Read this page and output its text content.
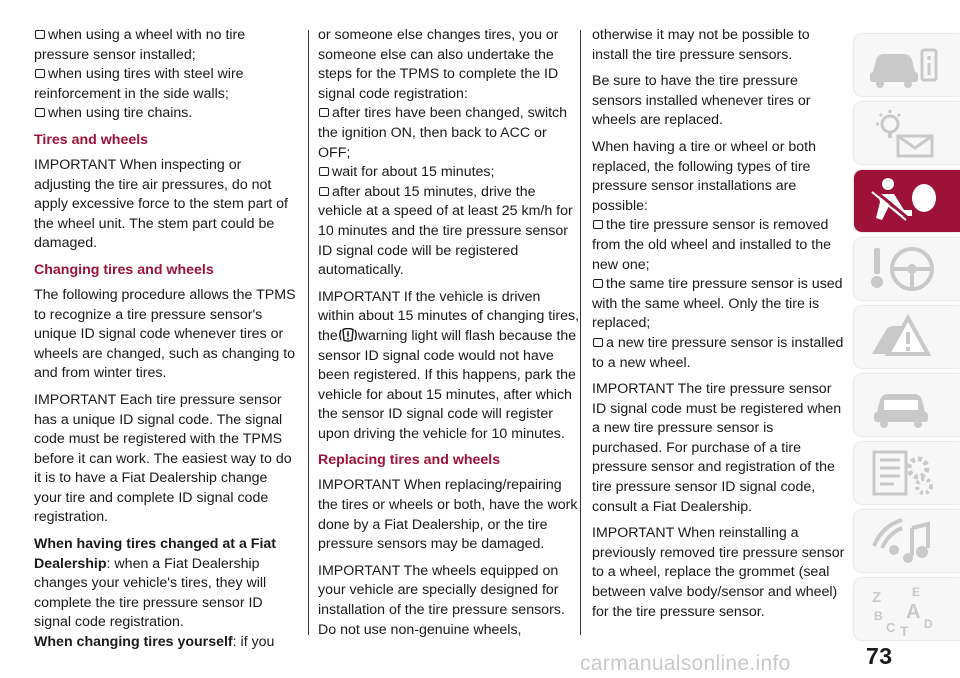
when using a wheel with no tire pressure sensor installed;

when using tires with steel wire reinforcement in the side walls;

when using tire chains.

Tires and wheels

IMPORTANT When inspecting or adjusting the tire air pressures, do not apply excessive force to the stem part of the wheel unit. The stem part could be damaged.

Changing tires and wheels

The following procedure allows the TPMS to recognize a tire pressure sensor's unique ID signal code whenever tires or wheels are changed, such as changing to and from winter tires.

IMPORTANT Each tire pressure sensor has a unique ID signal code. The signal code must be registered with the TPMS before it can work. The easiest way to do it is to have a Fiat Dealership change your tire and complete ID signal code registration.

When having tires changed at a Fiat Dealership: when a Fiat Dealership changes your vehicle's tires, they will complete the tire pressure sensor ID signal code registration.

When changing tires yourself: if you

or someone else changes tires, you or someone else can also undertake the steps for the TPMS to complete the ID signal code registration:

after tires have been changed, switch the ignition ON, then back to ACC or OFF;

wait for about 15 minutes;

after about 15 minutes, drive the vehicle at a speed of at least 25 km/h for 10 minutes and the tire pressure sensor ID signal code will be registered automatically.

IMPORTANT If the vehicle is driven within about 15 minutes of changing tires, the warning light will flash because the sensor ID signal code would not have been registered. If this happens, park the vehicle for about 15 minutes, after which the sensor ID signal code will register upon driving the vehicle for 10 minutes.

Replacing tires and wheels

IMPORTANT When replacing/repairing the tires or wheels or both, have the work done by a Fiat Dealership, or the tire pressure sensors may be damaged.

IMPORTANT The wheels equipped on your vehicle are specially designed for installation of the tire pressure sensors. Do not use non-genuine wheels,

otherwise it may not be possible to install the tire pressure sensors.

Be sure to have the tire pressure sensors installed whenever tires or wheels are replaced.

When having a tire or wheel or both replaced, the following types of tire pressure sensor installations are possible:

the tire pressure sensor is removed from the old wheel and installed to the new one;

the same tire pressure sensor is used with the same wheel. Only the tire is replaced;

a new tire pressure sensor is installed to a new wheel.

IMPORTANT The tire pressure sensor ID signal code must be registered when a new tire pressure sensor is purchased. For purchase of a tire pressure sensor and registration of the tire pressure sensor ID signal code, consult a Fiat Dealership.

IMPORTANT When reinstalling a previously removed tire pressure sensor to a wheel, replace the grommet (seal between valve body/sensor and wheel) for the tire pressure sensor.

Z	E
B A
C T D
carmanualsonline.info	73
